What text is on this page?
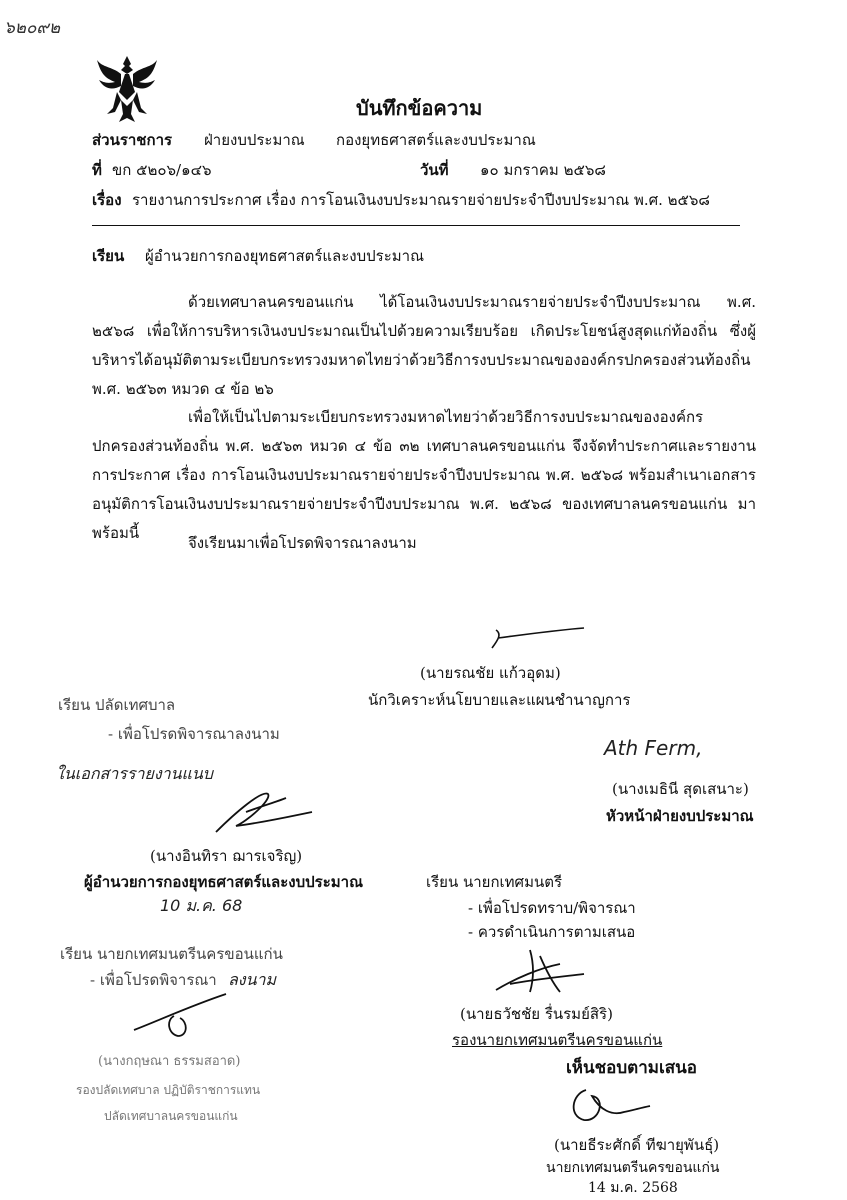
๖๒๐๙๒
บันทึกข้อความ
ส่วนราชการ ฝ่ายงบประมาณ กองยุทธศาสตร์และงบประมาณ
ที่ ขก ๕๒๐๖/๑๔๖	วันที่ ๑๐ มกราคม ๒๕๖๘
เรื่อง รายงานการประกาศ เรื่อง การโอนเงินงบประมาณรายจ่ายประจำปีงบประมาณ พ.ศ. ๒๕๖๘
เรียน ผู้อำนวยการกองยุทธศาสตร์และงบประมาณ
ด้วยเทศบาลนครขอนแก่น ได้โอนเงินงบประมาณรายจ่ายประจำปีงบประมาณ พ.ศ. ๒๕๖๘ เพื่อให้การบริหารเงินงบประมาณเป็นไปด้วยความเรียบร้อย เกิดประโยชน์สูงสุดแก่ท้องถิ่น ซึ่งผู้บริหารได้อนุมัติตามระเบียบกระทรวงมหาดไทยว่าด้วยวิธีการงบประมาณขององค์กรปกครองส่วนท้องถิ่น พ.ศ. ๒๕๖๓ หมวด ๔ ข้อ ๒๖
เพื่อให้เป็นไปตามระเบียบกระทรวงมหาดไทยว่าด้วยวิธีการงบประมาณขององค์กรปกครองส่วนท้องถิ่น พ.ศ. ๒๕๖๓ หมวด ๔ ข้อ ๓๒ เทศบาลนครขอนแก่น จึงจัดทำประกาศและรายงานการประกาศ เรื่อง การโอนเงินงบประมาณรายจ่ายประจำปีงบประมาณ พ.ศ. ๒๕๖๘ พร้อมสำเนาเอกสารอนุมัติการโอนเงินงบประมาณรายจ่ายประจำปีงบประมาณ พ.ศ. ๒๕๖๘ ของเทศบาลนครขอนแก่น มาพร้อมนี้
จึงเรียนมาเพื่อโปรดพิจารณาลงนาม
(นายรณชัย แก้วอุดม)
นักวิเคราะห์นโยบายและแผนชำนาญการ
เรียน ปลัดเทศบาล
- เพื่อโปรดพิจารณาลงนาม
ในเอกสารรายงานแนบ
Ath Ferm,
(นางเมธินี สุดเสนาะ)
หัวหน้าฝ่ายงบประมาณ
(นางอินทิรา ฌารเจริญ)
ผู้อำนวยการกองยุทธศาสตร์และงบประมาณ
10 ม.ค. 68
เรียน นายกเทศมนตรี
- เพื่อโปรดทราบ/พิจารณา
- ควรดำเนินการตามเสนอ
เรียน นายกเทศมนตรีนครขอนแก่น
- เพื่อโปรดพิจารณา ลงนาม
(นายธวัชชัย รื่นรมย์สิริ)
รองนายกเทศมนตรีนครขอนแก่น
เห็นชอบตามเสนอ
(นางกฤษณา ธรรมสอาด)
รองปลัดเทศบาล ปฏิบัติราชการแทน
ปลัดเทศบาลนครขอนแก่น
(นายธีระศักดิ์ ทีฆายุพันธุ์)
นายกเทศมนตรีนครขอนแก่น
14 ม.ค. 2568
